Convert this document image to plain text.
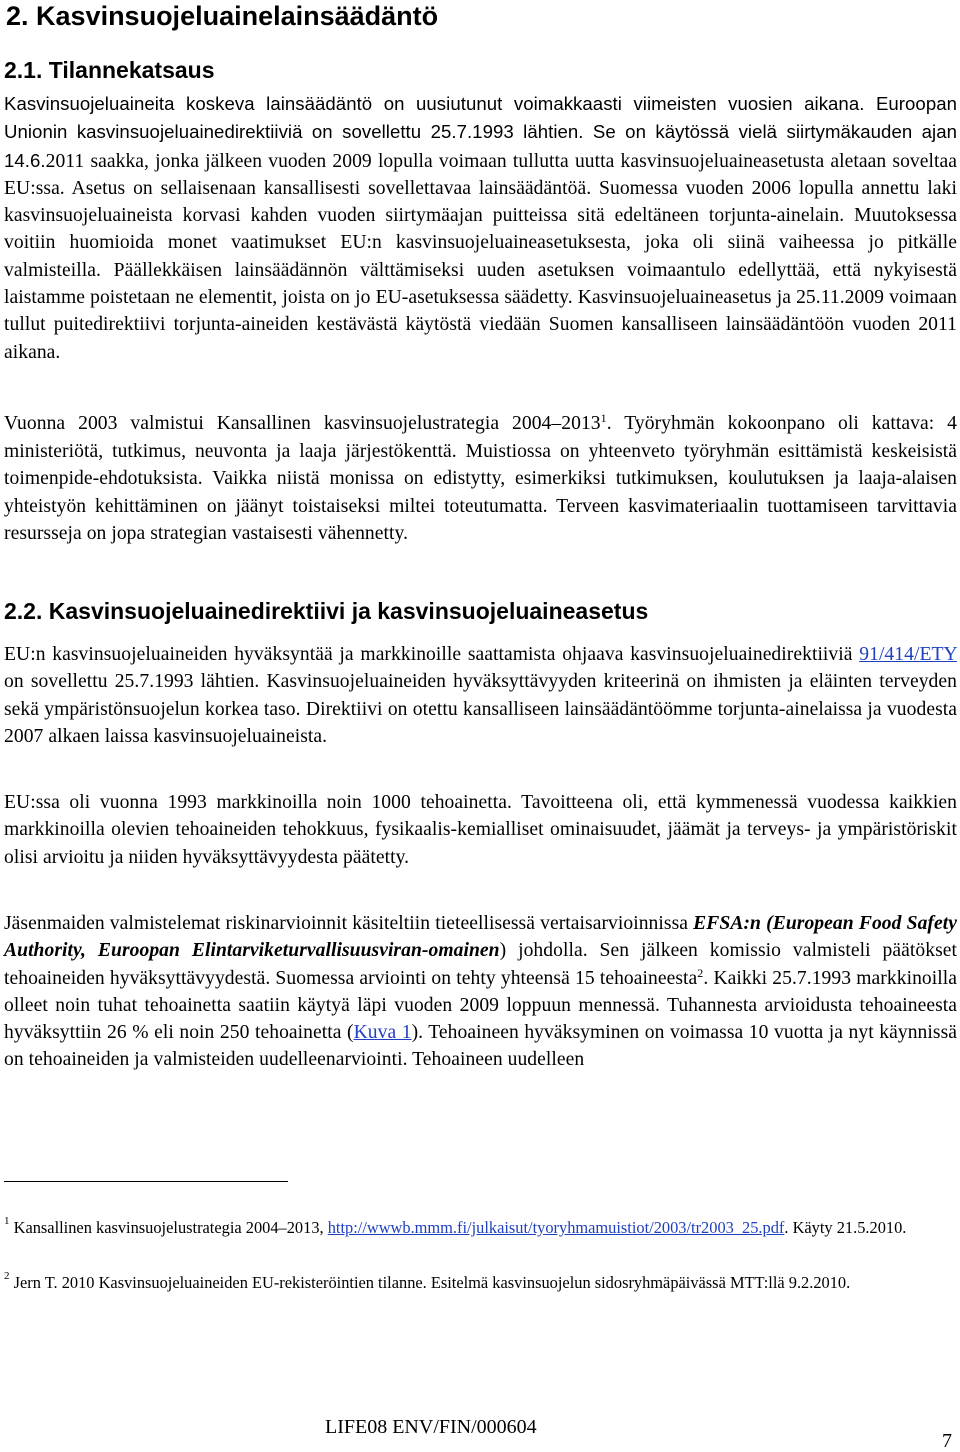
2. Kasvinsuojeluainelainsäädäntö
2.1. Tilannekatsaus

Kasvinsuojeluaineita koskeva lainsäädäntö on uusiutunut voimakkaasti viimeisten vuosien aikana. Euroopan Unionin kasvinsuojeluainedirektiiviä on sovellettu 25.7.1993 lähtien. Se on käytössä vielä siirtymäkauden ajan 14.6.2011 saakka, jonka jälkeen vuoden 2009 lopulla voimaan tullutta uutta kasvinsuojeluaineasetusta aletaan soveltaa EU:ssa. Asetus on sellaisenaan kansallisesti sovellettavaa lainsäädäntöä. Suomessa vuoden 2006 lopulla annettu laki kasvinsuojeluaineista korvasi kahden vuoden siirtymäajan puitteissa sitä edeltäneen torjunta-ainelain. Muutoksessa voitiin huomioida monet vaatimukset EU:n kasvinsuojeluaineasetuksesta, joka oli siinä vaiheessa jo pitkälle valmisteilla. Päällekkäisen lainsäädännön välttämiseksi uuden asetuksen voimaantulo edellyttää, että nykyisestä laistamme poistetaan ne elementit, joista on jo EU-asetuksessa säädetty. Kasvinsuojeluaineasetus ja 25.11.2009 voimaan tullut puitedirektiivi torjunta-aineiden kestävästä käytöstä viedään Suomen kansalliseen lainsäädäntöön vuoden 2011 aikana.

Vuonna 2003 valmistui Kansallinen kasvinsuojelustrategia 2004–2013$^1$. Työryhmän kokoonpano oli kattava: 4 ministeriötä, tutkimus, neuvonta ja laaja järjestökenttä. Muistiossa on yhteenveto työryhmän esittämistä keskeisistä toimenpide-ehdotuksista. Vaikka niistä monissa on edistytty, esimerkiksi tutkimuksen, koulutuksen ja laaja-alaisen yhteistyön kehittäminen on jäänyt toistaiseksi miltei toteutumatta. Terveen kasvimateriaalin tuottamiseen tarvittavia resursseja on jopa strategian vastaisesti vähennetty.

2.2. Kasvinsuojeluainedirektiivi ja kasvinsuojeluaineasetus

EU:n kasvinsuojeluaineiden hyväksyntää ja markkinoille saattamista ohjaava kasvinsuojeluainedirektiiviä 91/414/ETY on sovellettu 25.7.1993 lähtien. Kasvinsuojeluaineiden hyväksyttävyyden kriteerinä on ihmisten ja eläinten terveyden sekä ympäristönsuojelun korkea taso. Direktiivi on otettu kansalliseen lainsäädäntöömme torjunta-ainelaissa ja vuodesta 2007 alkaen laissa kasvinsuojeluaineista.

EU:ssa oli vuonna 1993 markkinoilla noin 1000 tehoainetta. Tavoitteena oli, että kymmenessä vuodessa kaikkien markkinoilla olevien tehoaineiden tehokkuus, fysikaalis-kemialliset ominaisuudet, jäämät ja terveys- ja ympäristöriskit olisi arvioitu ja niiden hyväksyttävyydesta päätetty.

Jäsenmaiden valmistelemat riskinarvioinnit käsiteltiin tieteellisessä vertaisarvioinnissa EFSA:n (European Food Safety Authority, Euroopan Elintarviketurvallisuusviran-omainen) johdolla. Sen jälkeen komissio valmisteli päätökset tehoaineiden hyväksyttävyydestä. Suomessa arviointi on tehty yhteensä 15 tehoaineesta$^2$. Kaikki 25.7.1993 markkinoilla olleet noin tuhat tehoainetta saatiin käytyä läpi vuoden 2009 loppuun mennessä. Tuhannesta arvioidusta tehoaineesta hyväksyttiin 26 % eli noin 250 tehoainetta (Kuva 1). Tehoaineen hyväksyminen on voimassa 10 vuotta ja nyt käynnissä on tehoaineiden ja valmisteiden uudelleenarviointi. Tehoaineen uudelleen

$^1$ Kansallinen kasvinsuojelustrategia 2004–2013, http://wwwb.mmm.fi/julkaisut/tyoryhmamuistiot/2003/tr2003_25.pdf. Käyty 21.5.2010.

$^2$ Jern T. 2010 Kasvinsuojeluaineiden EU-rekisteröintien tilanne. Esitelmä kasvinsuojelun sidosryhmäpäivässä MTT:llä 9.2.2010.

LIFE08 ENV/FIN/000604
7
